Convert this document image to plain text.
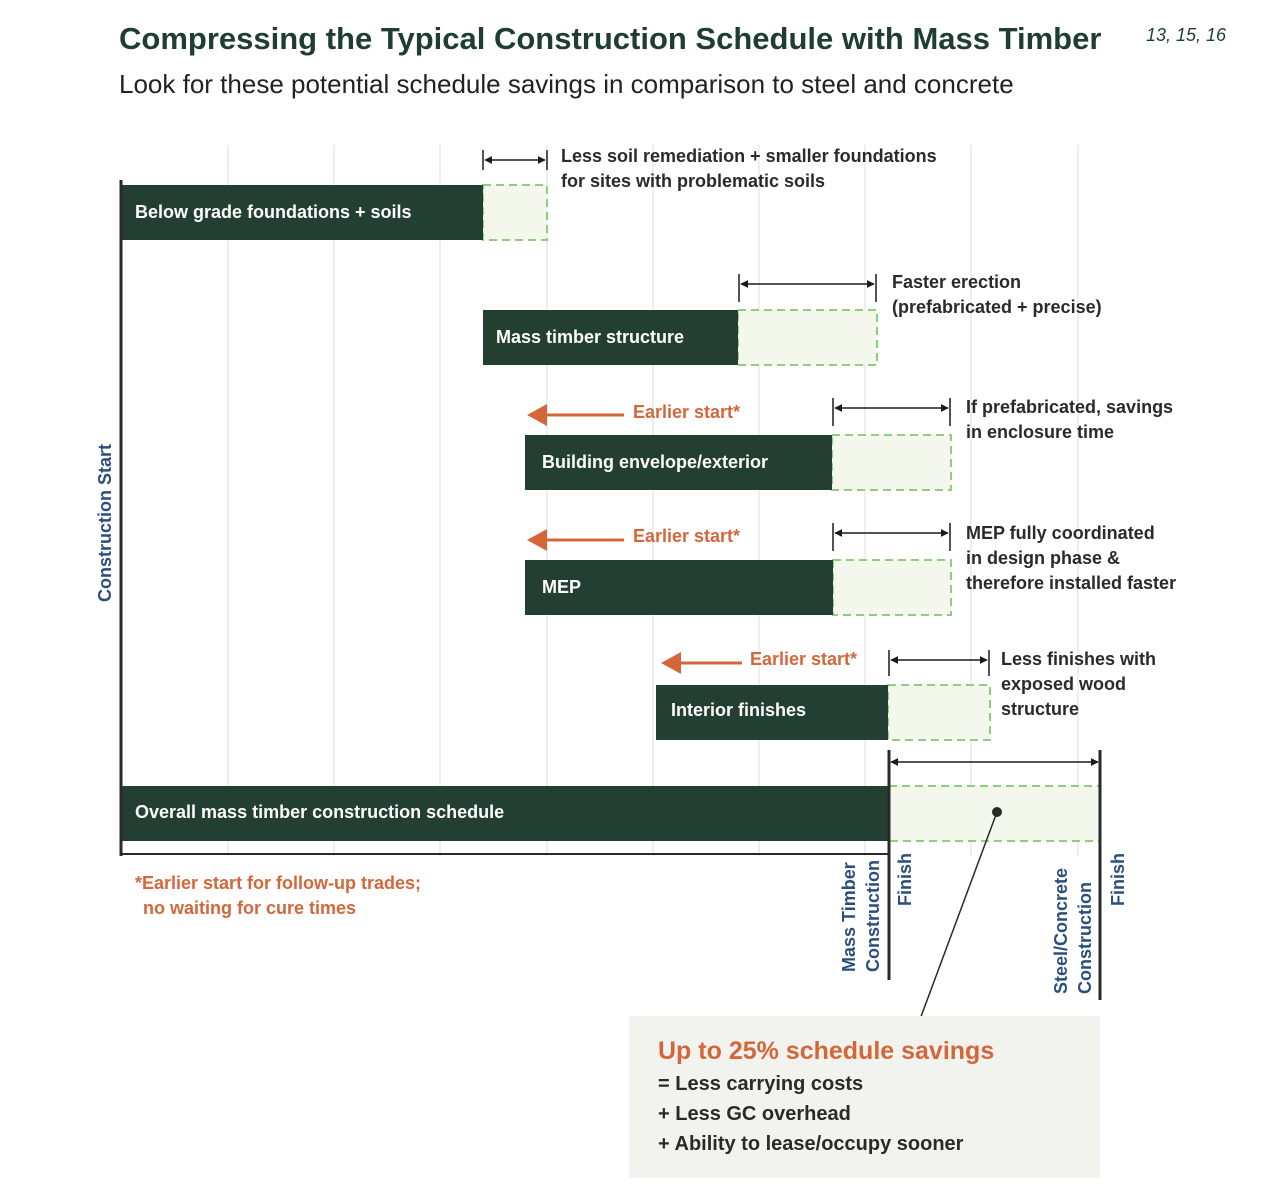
Compressing the Typical Construction Schedule with Mass Timber 13, 15, 16
Look for these potential schedule savings in comparison to steel and concrete
Below grade foundations + soils
Mass timber structure
Building envelope/exterior
MEP
Interior finishes
Overall mass timber construction schedule
Less soil remediation + smaller foundations
for sites with problematic soils
Faster erection
(prefabricated + precise)
If prefabricated, savings
in enclosure time
MEP fully coordinated
in design phase &
therefore installed faster
Less finishes with
exposed wood
structure
Earlier start*
Earlier start*
Earlier start*
Construction Start
Mass Timber Construction Finish	Steel/Concrete Construction
Finish
*Earlier start for follow-up trades;
no waiting for cure times
Up to 25% schedule savings
= Less carrying costs
+ Less GC overhead
+ Ability to lease/occupy sooner
